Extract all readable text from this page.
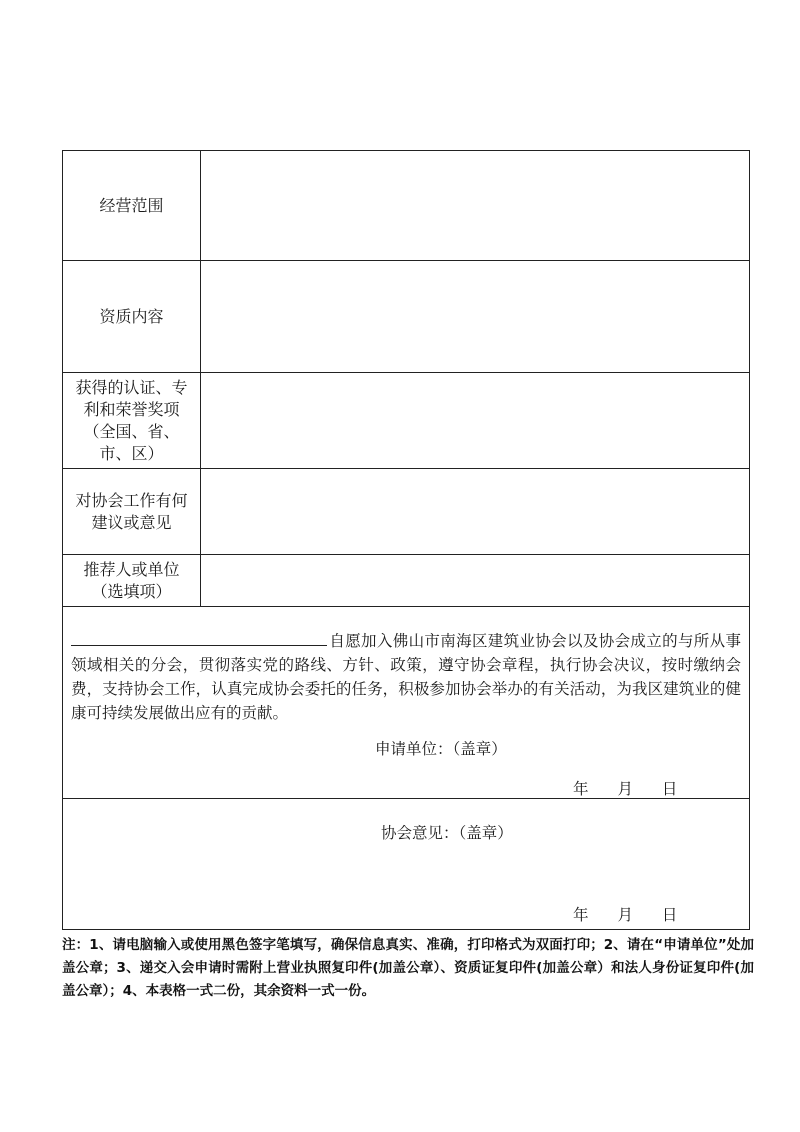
经营范围
资质内容
获得的认证、专利和荣誉奖项（全国、省、市、区）
对协会工作有何建议或意见
推荐人或单位（选填项）
自愿加入佛山市南海区建筑业协会以及协会成立的与所从事领域相关的分会，贯彻落实党的路线、方针、政策，遵守协会章程，执行协会决议，按时缴纳会费，支持协会工作，认真完成协会委托的任务，积极参加协会举办的有关活动，为我区建筑业的健康可持续发展做出应有的贡献。
申请单位：（盖章）
年 月 日
协会意见：（盖章）
年 月 日
注：1、请电脑输入或使用黑色签字笔填写，确保信息真实、准确，打印格式为双面打印；2、请在“申请单位”处加盖公章；3、递交入会申请时需附上营业执照复印件(加盖公章）、资质证复印件(加盖公章）和法人身份证复印件(加盖公章）；4、本表格一式二份，其余资料一式一份。
